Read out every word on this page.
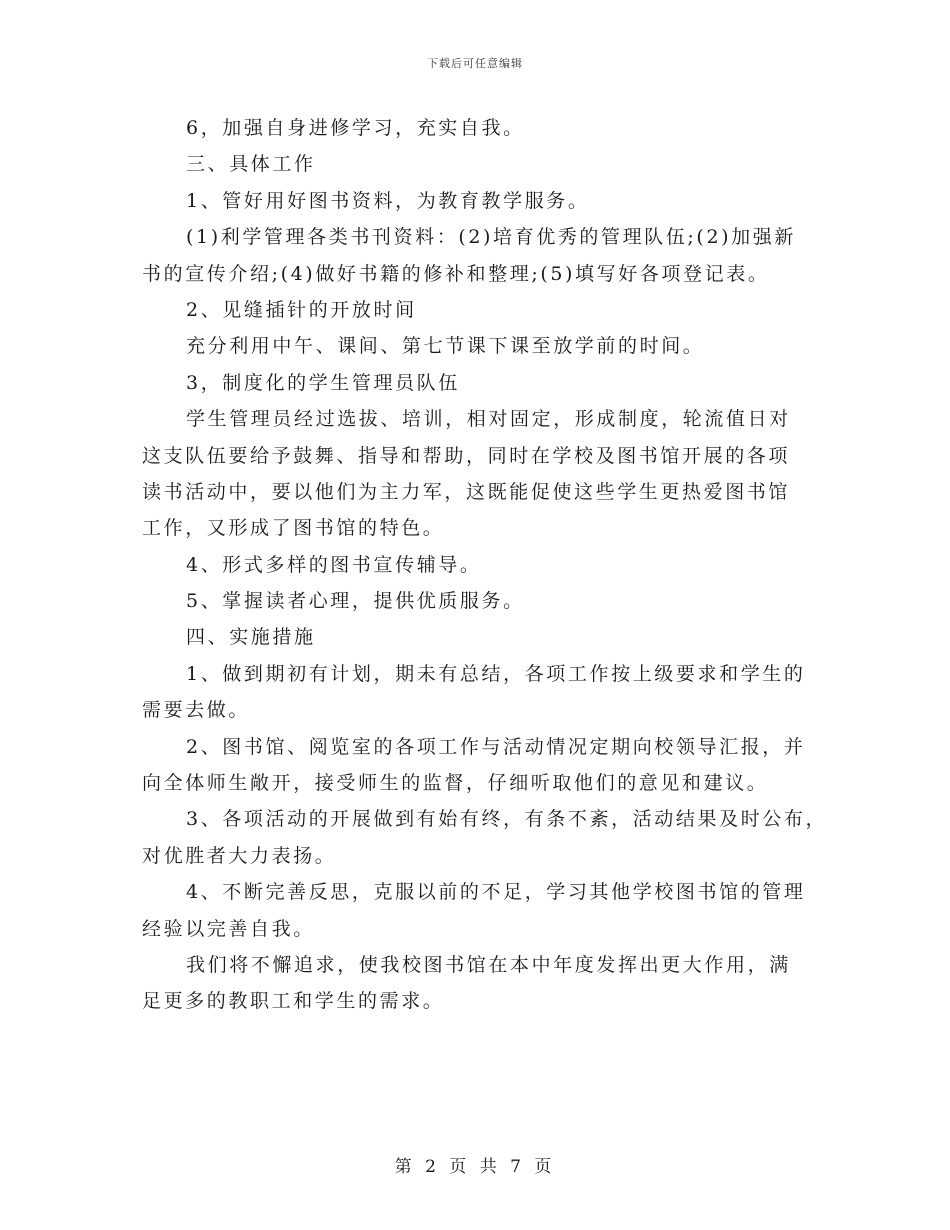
下载后可任意编辑
6，加强自身进修学习，充实自我。
三、具体工作
1、管好用好图书资料，为教育教学服务。
(1)利学管理各类书刊资料：(2)培育优秀的管理队伍;(2)加强新
书的宣传介绍;(4)做好书籍的修补和整理;(5)填写好各项登记表。
2、见缝插针的开放时间
充分利用中午、课间、第七节课下课至放学前的时间。
3，制度化的学生管理员队伍
学生管理员经过选拔、培训，相对固定，形成制度，轮流值日对
这支队伍要给予鼓舞、指导和帮助，同时在学校及图书馆开展的各项
读书活动中，要以他们为主力军，这既能促使这些学生更热爱图书馆
工作，又形成了图书馆的特色。
4、形式多样的图书宣传辅导。
5、掌握读者心理，提供优质服务。
四、实施措施
1、做到期初有计划，期未有总结，各项工作按上级要求和学生的
需要去做。
2、图书馆、阅览室的各项工作与活动情况定期向校领导汇报，并
向全体师生敞开，接受师生的监督，仔细听取他们的意见和建议。
3、各项活动的开展做到有始有终，有条不紊，活动结果及时公布，
对优胜者大力表扬。
4、不断完善反思，克服以前的不足，学习其他学校图书馆的管理
经验以完善自我。
我们将不懈追求，使我校图书馆在本中年度发挥出更大作用，满
足更多的教职工和学生的需求。
第 2 页 共 7 页
